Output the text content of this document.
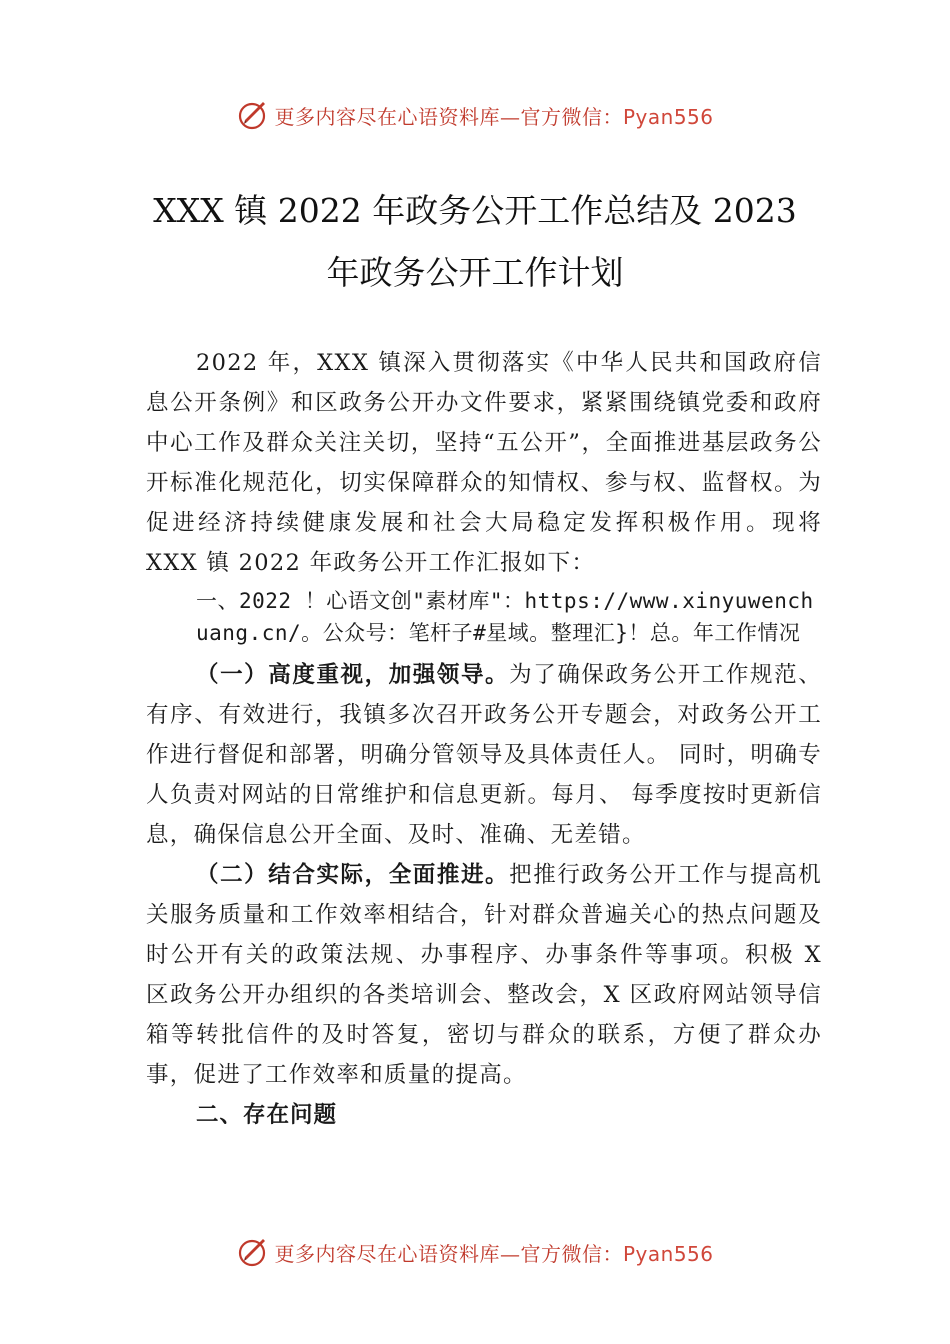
更多内容尽在心语资料库—官方微信：Pyan556
XXX 镇 2022 年政务公开工作总结及 2023
年政务公开工作计划

2022 年，XXX 镇深入贯彻落实《中华人民共和国政府信息公开条例》和区政务公开办文件要求，紧紧围绕镇党委和政府中心工作及群众关注关切，坚持“五公开”，全面推进基层政务公开标准化规范化，切实保障群众的知情权、参与权、监督权。为促进经济持续健康发展和社会大局稳定发挥积极作用。现将 XXX 镇 2022 年政务公开工作汇报如下：

一、2022 ！心语文创"素材库"：https://www.xinyuwenchuang.cn/。公众号：笔杆子#星域。整理汇}！总。年工作情况

（一）高度重视，加强领导。为了确保政务公开工作规范、有序、有效进行，我镇多次召开政务公开专题会，对政务公开工作进行督促和部署，明确分管领导及具体责任人。 同时，明确专人负责对网站的日常维护和信息更新。每月、 每季度按时更新信息，确保信息公开全面、及时、准确、无差错。

（二）结合实际，全面推进。把推行政务公开工作与提高机关服务质量和工作效率相结合，针对群众普遍关心的热点问题及时公开有关的政策法规、办事程序、办事条件等事项。积极 X 区政务公开办组织的各类培训会、整改会，X 区政府网站领导信箱等转批信件的及时答复，密切与群众的联系，方便了群众办事，促进了工作效率和质量的提高。

二、存在问题
更多内容尽在心语资料库—官方微信：Pyan556
